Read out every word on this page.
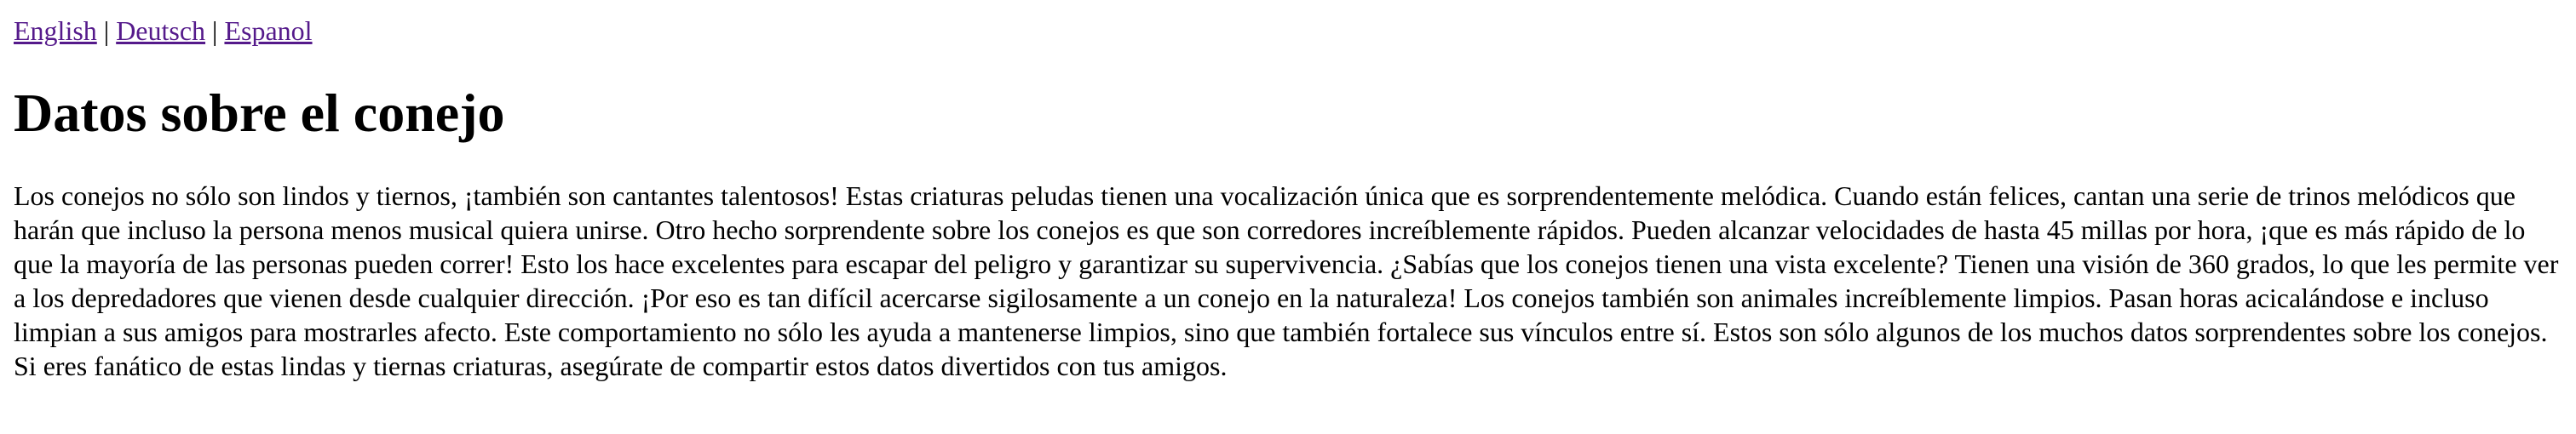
English | Deutsch | Espanol
Datos sobre el conejo

Los conejos no sólo son lindos y tiernos, ¡también son cantantes talentosos! Estas criaturas peludas tienen una vocalización única que es sorprendentemente melódica. Cuando están felices, cantan una serie de trinos melódicos que harán que incluso la persona menos musical quiera unirse. Otro hecho sorprendente sobre los conejos es que son corredores increíblemente rápidos. Pueden alcanzar velocidades de hasta 45 millas por hora, ¡que es más rápido de lo que la mayoría de las personas pueden correr! Esto los hace excelentes para escapar del peligro y garantizar su supervivencia. ¿Sabías que los conejos tienen una vista excelente? Tienen una visión de 360 grados, lo que les permite ver a los depredadores que vienen desde cualquier dirección. ¡Por eso es tan difícil acercarse sigilosamente a un conejo en la naturaleza! Los conejos también son animales increíblemente limpios. Pasan horas acicalándose e incluso limpian a sus amigos para mostrarles afecto. Este comportamiento no sólo les ayuda a mantenerse limpios, sino que también fortalece sus vínculos entre sí. Estos son sólo algunos de los muchos datos sorprendentes sobre los conejos. Si eres fanático de estas lindas y tiernas criaturas, asegúrate de compartir estos datos divertidos con tus amigos.
